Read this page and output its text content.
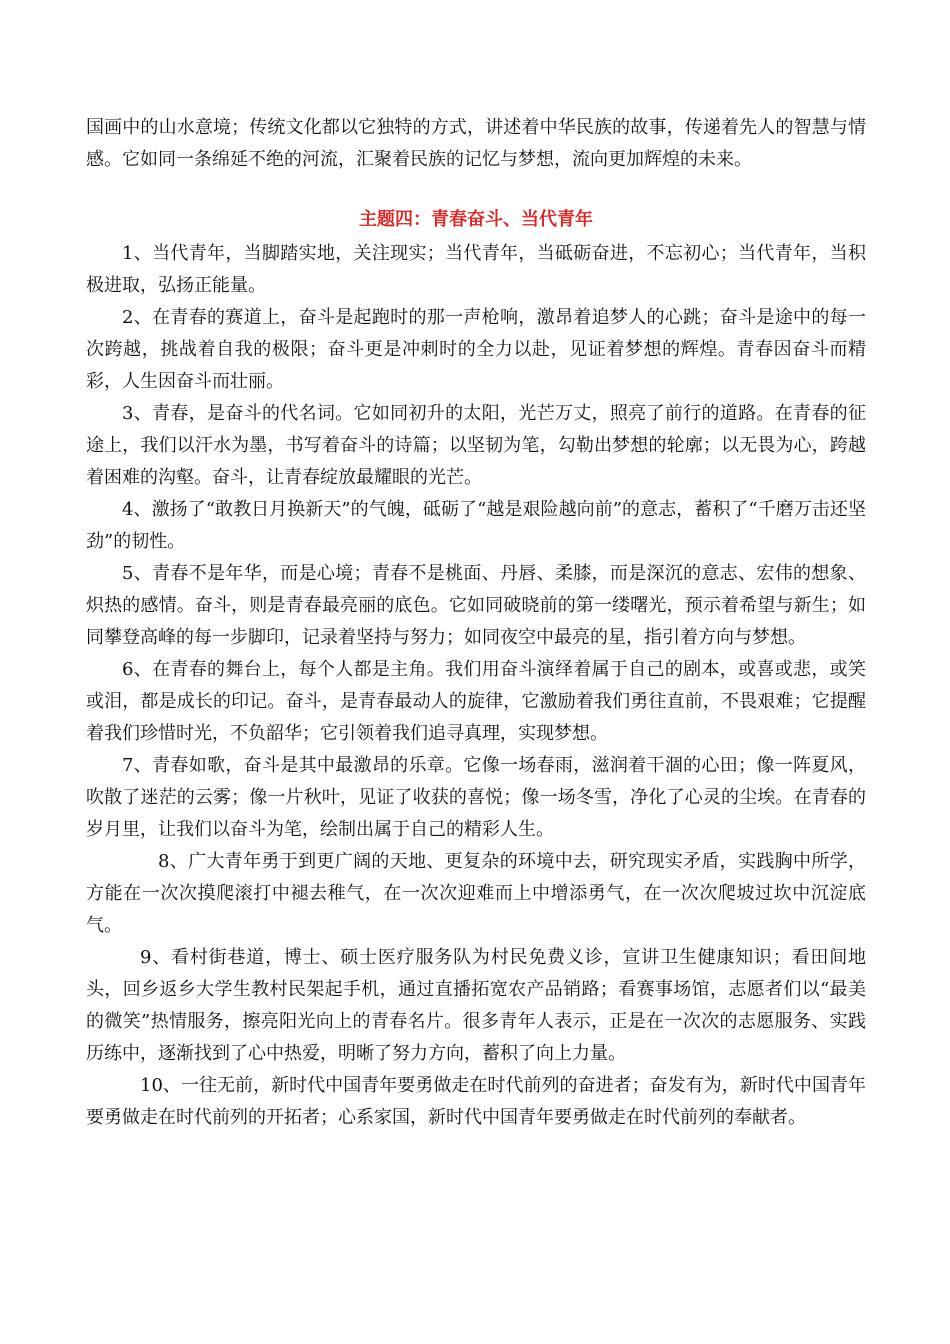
国画中的山水意境；传统文化都以它独特的方式，讲述着中华民族的故事，传递着先人的智慧与情感。它如同一条绵延不绝的河流，汇聚着民族的记忆与梦想，流向更加辉煌的未来。

主题四：青春奋斗、当代青年

1、当代青年，当脚踏实地，关注现实；当代青年，当砥砺奋进，不忘初心；当代青年，当积极进取，弘扬正能量。

2、在青春的赛道上，奋斗是起跑时的那一声枪响，激昂着追梦人的心跳；奋斗是途中的每一次跨越，挑战着自我的极限；奋斗更是冲刺时的全力以赴，见证着梦想的辉煌。青春因奋斗而精彩，人生因奋斗而壮丽。

3、青春，是奋斗的代名词。它如同初升的太阳，光芒万丈，照亮了前行的道路。在青春的征途上，我们以汗水为墨，书写着奋斗的诗篇；以坚韧为笔，勾勒出梦想的轮廓；以无畏为心，跨越着困难的沟壑。奋斗，让青春绽放最耀眼的光芒。

4、激扬了“敢教日月换新天”的气魄，砥砺了“越是艰险越向前”的意志，蓄积了“千磨万击还坚劲”的韧性。

5、青春不是年华，而是心境；青春不是桃面、丹唇、柔膝，而是深沉的意志、宏伟的想象、炽热的感情。奋斗，则是青春最亮丽的底色。它如同破晓前的第一缕曙光，预示着希望与新生；如同攀登高峰的每一步脚印，记录着坚持与努力；如同夜空中最亮的星，指引着方向与梦想。

6、在青春的舞台上，每个人都是主角。我们用奋斗演绎着属于自己的剧本，或喜或悲，或笑或泪，都是成长的印记。奋斗，是青春最动人的旋律，它激励着我们勇往直前，不畏艰难；它提醒着我们珍惜时光，不负韶华；它引领着我们追寻真理，实现梦想。

7、青春如歌，奋斗是其中最激昂的乐章。它像一场春雨，滋润着干涸的心田；像一阵夏风，吹散了迷茫的云雾；像一片秋叶，见证了收获的喜悦；像一场冬雪，净化了心灵的尘埃。在青春的岁月里，让我们以奋斗为笔，绘制出属于自己的精彩人生。

8、广大青年勇于到更广阔的天地、更复杂的环境中去，研究现实矛盾，实践胸中所学，方能在一次次摸爬滚打中褪去稚气，在一次次迎难而上中增添勇气，在一次次爬坡过坎中沉淀底气。

9、看村街巷道，博士、硕士医疗服务队为村民免费义诊，宣讲卫生健康知识；看田间地头，回乡返乡大学生教村民架起手机，通过直播拓宽农产品销路；看赛事场馆，志愿者们以“最美的微笑”热情服务，擦亮阳光向上的青春名片。很多青年人表示，正是在一次次的志愿服务、实践历练中，逐渐找到了心中热爱，明晰了努力方向，蓄积了向上力量。

10、一往无前，新时代中国青年要勇做走在时代前列的奋进者；奋发有为，新时代中国青年要勇做走在时代前列的开拓者；心系家国，新时代中国青年要勇做走在时代前列的奉献者。
